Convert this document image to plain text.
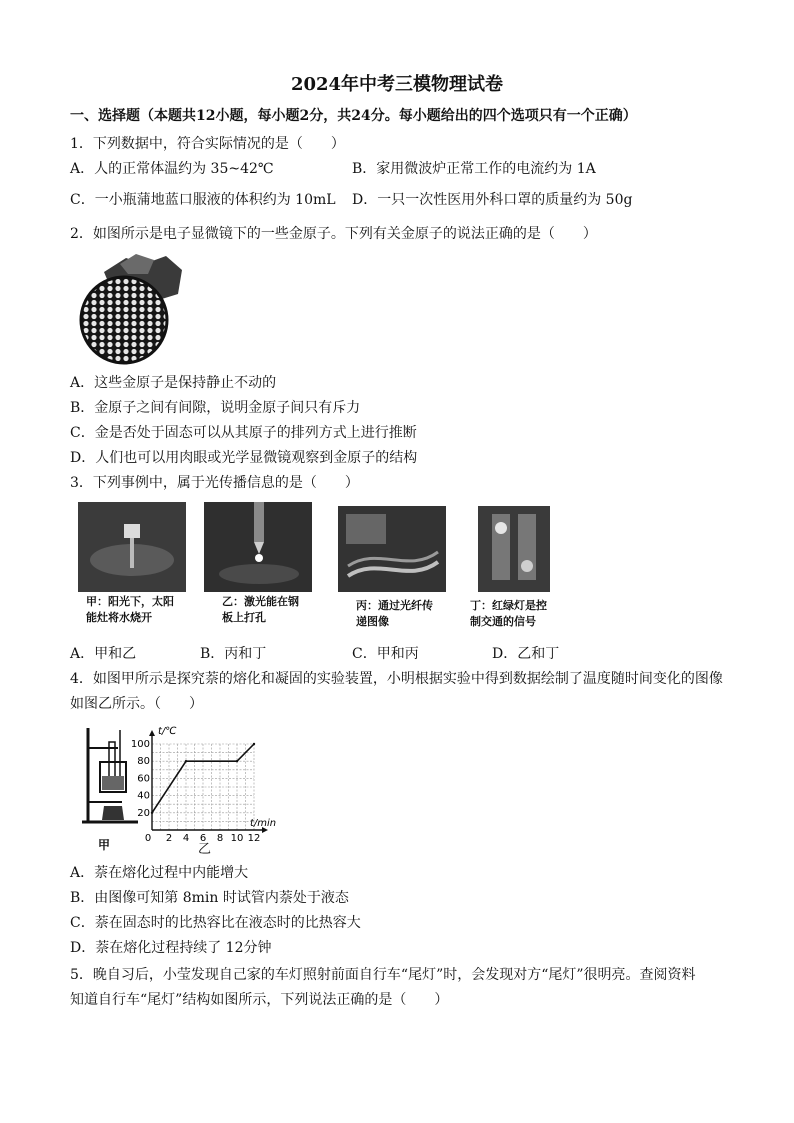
2024年中考三模物理试卷
一、选择题（本题共12小题，每小题2分，共24分。每小题给出的四个选项只有一个正确）
1．下列数据中，符合实际情况的是（　　）
A．人的正常体温约为 35~42℃	B．家用微波炉正常工作的电流约为 1A
C．一小瓶蒲地蓝口服液的体积约为 10mL D．一只一次性医用外科口罩的质量约为 50g
2．如图所示是电子显微镜下的一些金原子。下列有关金原子的说法正确的是（　　）
A．这些金原子是保持静止不动的
B．金原子之间有间隙，说明金原子间只有斥力
C．金是否处于固态可以从其原子的排列方式上进行推断
D．人们也可以用肉眼或光学显微镜观察到金原子的结构
3．下列事例中，属于光传播信息的是（　　）
甲：阳光下，太阳能灶将水烧开
乙：激光能在钢板上打孔
丙：通过光纤传递图像
丁：红绿灯是控制交通的信号
A．甲和乙	B．丙和丁	C．甲和丙	D．乙和丁
4．如图甲所示是探究萘的熔化和凝固的实验装置，小明根据实验中得到数据绘制了温度随时间变化的图像
如图乙所示。（　　）
甲
20
40
60
80
100
2 4 6 8 10 12
0
t/℃
t/min
乙
A．萘在熔化过程中内能增大
B．由图像可知第 8min 时试管内萘处于液态
C．萘在固态时的比热容比在液态时的比热容大
D．萘在熔化过程持续了 12分钟
5．晚自习后，小莹发现自己家的车灯照射前面自行车“尾灯”时，会发现对方“尾灯”很明亮。查阅资料
知道自行车“尾灯”结构如图所示，下列说法正确的是（　　）
